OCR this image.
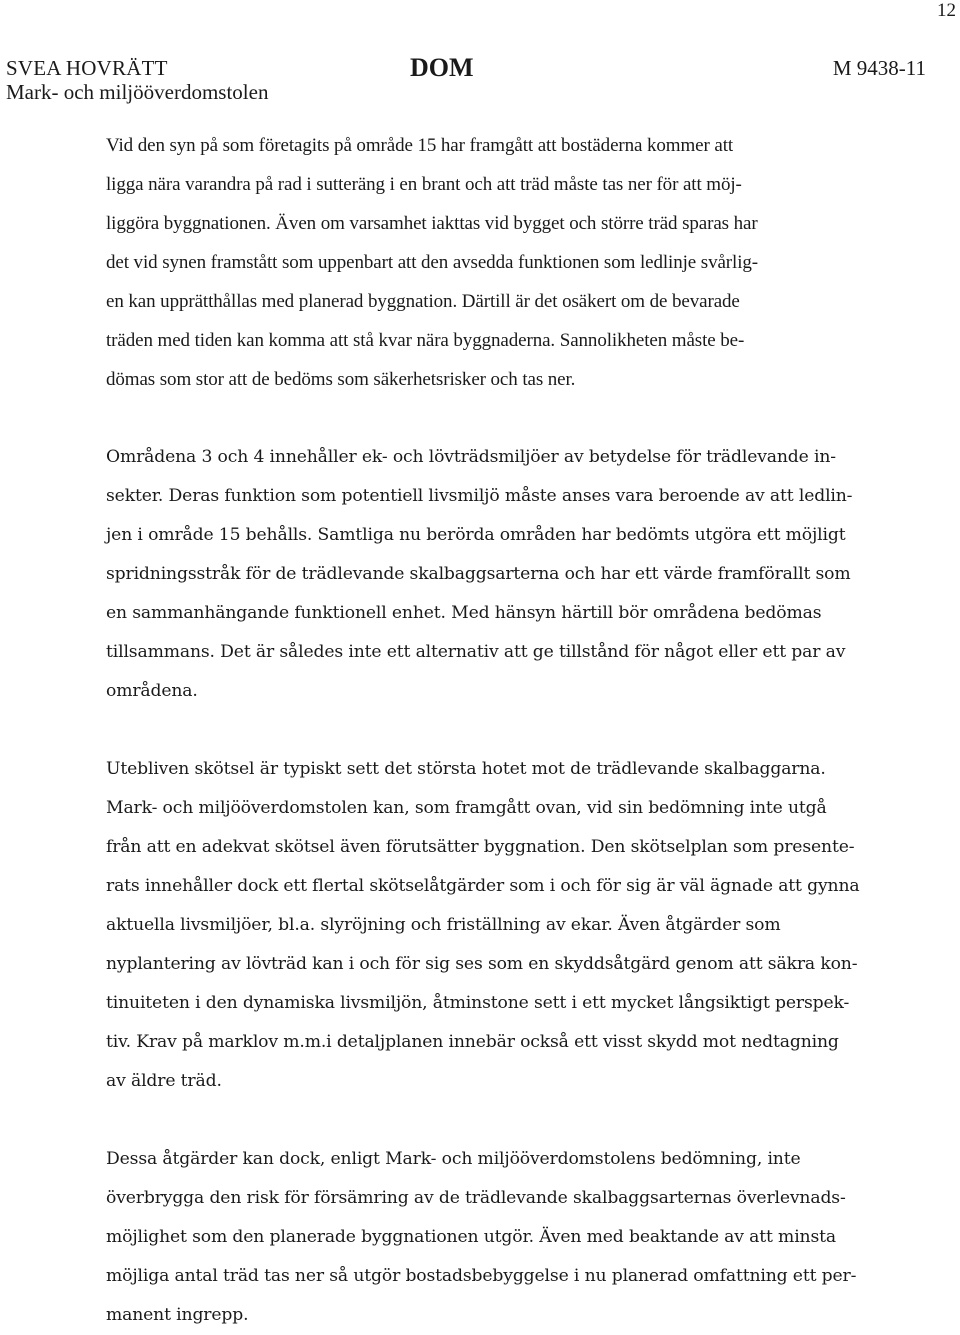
12
SVEA HOVRÄTT
Mark- och miljööverdomstolen
DOM	M 9438-11

Vid den syn på som företagits på område 15 har framgått att bostäderna kommer att
ligga nära varandra på rad i sutteräng i en brant och att träd måste tas ner för att möj-
liggöra byggnationen. Även om varsamhet iakttas vid bygget och större träd sparas har
det vid synen framstått som uppenbart att den avsedda funktionen som ledlinje svårlig-
en kan upprätthållas med planerad byggnation. Därtill är det osäkert om de bevarade
träden med tiden kan komma att stå kvar nära byggnaderna. Sannolikheten måste be-
dömas som stor att de bedöms som säkerhetsrisker och tas ner.

Områdena 3 och 4 innehåller ek- och lövträdsmiljöer av betydelse för trädlevande in-
sekter. Deras funktion som potentiell livsmiljö måste anses vara beroende av att ledlin-
jen i område 15 behålls. Samtliga nu berörda områden har bedömts utgöra ett möjligt
spridningsstråk för de trädlevande skalbaggsarterna och har ett värde framförallt som
en sammanhängande funktionell enhet. Med hänsyn härtill bör områdena bedömas
tillsammans. Det är således inte ett alternativ att ge tillstånd för något eller ett par av
områdena.

Utebliven skötsel är typiskt sett det största hotet mot de trädlevande skalbaggarna.
Mark- och miljööverdomstolen kan, som framgått ovan, vid sin bedömning inte utgå
från att en adekvat skötsel även förutsätter byggnation. Den skötselplan som presente-
rats innehåller dock ett flertal skötselåtgärder som i och för sig är väl ägnade att gynna
aktuella livsmiljöer, bl.a. slyröjning och friställning av ekar. Även åtgärder som
nyplantering av lövträd kan i och för sig ses som en skyddsåtgärd genom att säkra kon-
tinuiteten i den dynamiska livsmiljön, åtminstone sett i ett mycket långsiktigt perspek-
tiv. Krav på marklov m.m.i detaljplanen innebär också ett visst skydd mot nedtagning
av äldre träd.

Dessa åtgärder kan dock, enligt Mark- och miljööverdomstolens bedömning, inte
överbrygga den risk för försämring av de trädlevande skalbaggsarternas överlevnads-
möjlighet som den planerade byggnationen utgör. Även med beaktande av att minsta
möjliga antal träd tas ner så utgör bostadsbebyggelse i nu planerad omfattning ett per-
manent ingrepp.
